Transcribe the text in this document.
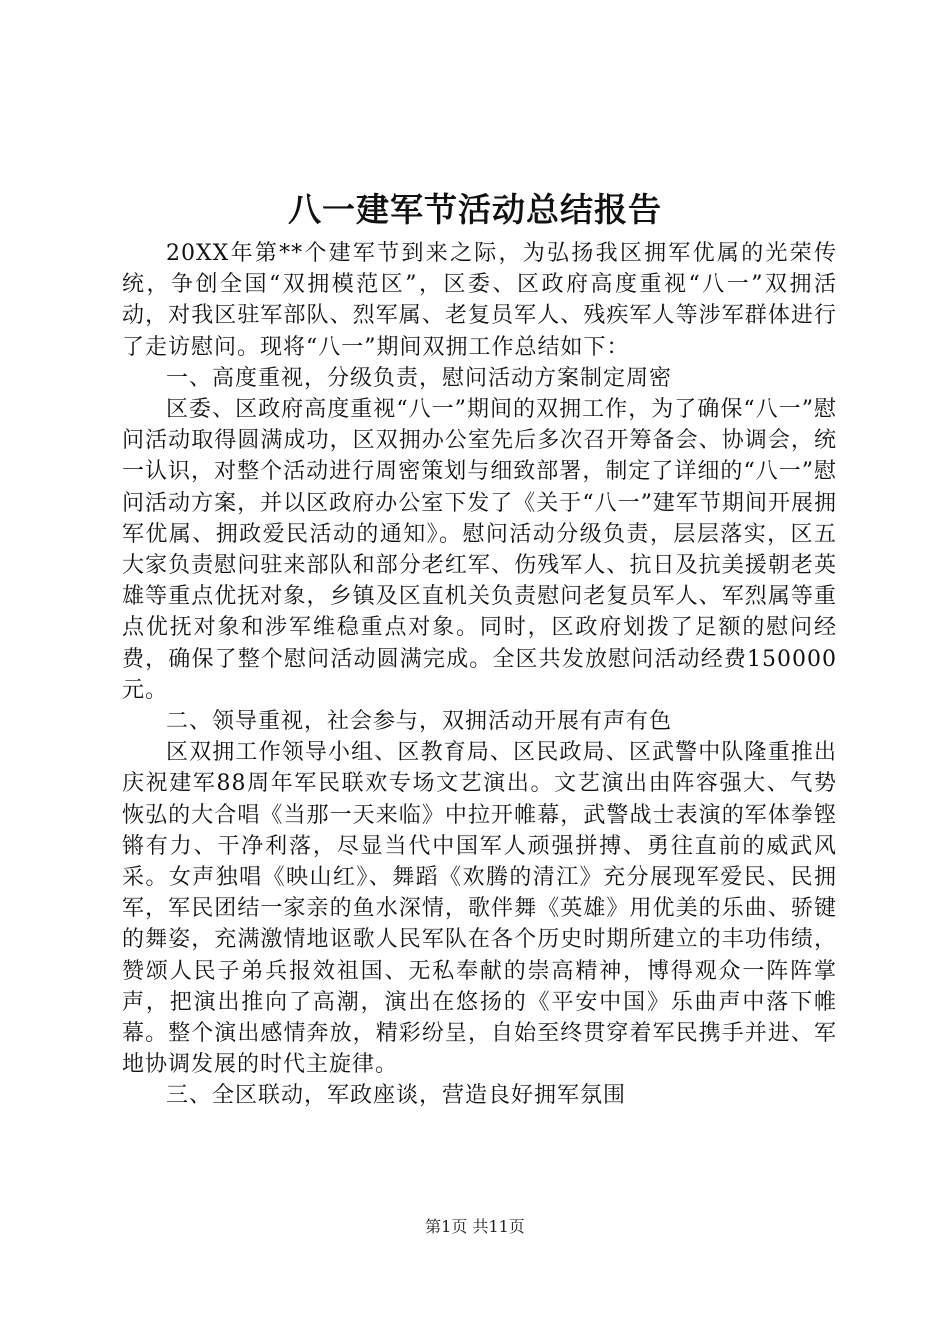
八一建军节活动总结报告

20XX年第**个建军节到来之际，为弘扬我区拥军优属的光荣传统，争创全国“双拥模范区”，区委、区政府高度重视“八一”双拥活动，对我区驻军部队、烈军属、老复员军人、残疾军人等涉军群体进行了走访慰问。现将“八一”期间双拥工作总结如下：

一、高度重视，分级负责，慰问活动方案制定周密

区委、区政府高度重视“八一”期间的双拥工作，为了确保“八一”慰问活动取得圆满成功，区双拥办公室先后多次召开筹备会、协调会，统一认识，对整个活动进行周密策划与细致部署，制定了详细的“八一”慰问活动方案，并以区政府办公室下发了《关于“八一”建军节期间开展拥军优属、拥政爱民活动的通知》。慰问活动分级负责，层层落实，区五大家负责慰问驻来部队和部分老红军、伤残军人、抗日及抗美援朝老英雄等重点优抚对象，乡镇及区直机关负责慰问老复员军人、军烈属等重点优抚对象和涉军维稳重点对象。同时，区政府划拨了足额的慰问经费，确保了整个慰问活动圆满完成。全区共发放慰问活动经费150000元。

二、领导重视，社会参与，双拥活动开展有声有色

区双拥工作领导小组、区教育局、区民政局、区武警中队隆重推出庆祝建军88周年军民联欢专场文艺演出。文艺演出由阵容强大、气势恢弘的大合唱《当那一天来临》中拉开帷幕，武警战士表演的军体拳铿锵有力、干净利落，尽显当代中国军人顽强拼搏、勇往直前的威武风采。女声独唱《映山红》、舞蹈《欢腾的清江》充分展现军爱民、民拥军，军民团结一家亲的鱼水深情，歌伴舞《英雄》用优美的乐曲、骄键的舞姿，充满激情地讴歌人民军队在各个历史时期所建立的丰功伟绩，赞颂人民子弟兵报效祖国、无私奉献的崇高精神，博得观众一阵阵掌声，把演出推向了高潮，演出在悠扬的《平安中国》乐曲声中落下帷幕。整个演出感情奔放，精彩纷呈，自始至终贯穿着军民携手并进、军地协调发展的时代主旋律。

三、全区联动，军政座谈，营造良好拥军氛围

第1页 共11页
